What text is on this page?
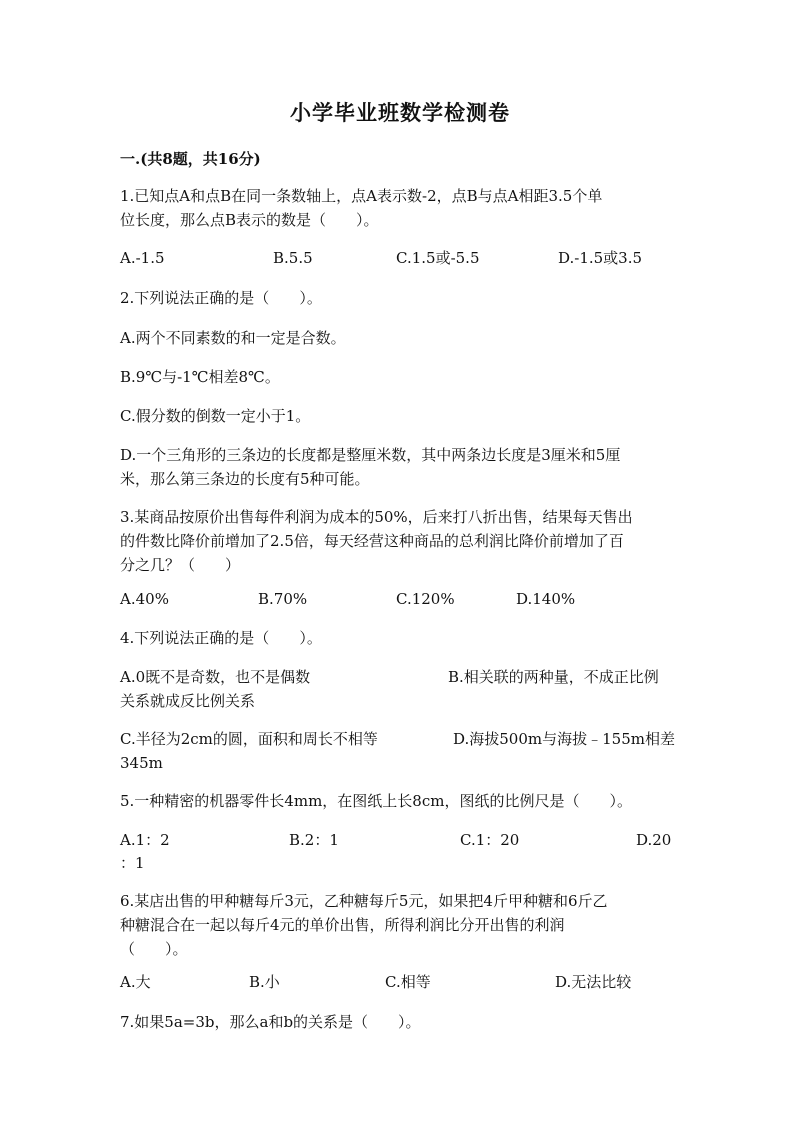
小学毕业班数学检测卷
一.(共8题，共16分)
1.已知点A和点B在同一条数轴上，点A表示数-2，点B与点A相距3.5个单
位长度，那么点B表示的数是（　　）。
A.-1.5	B.5.5	C.1.5或-5.5	D.-1.5或3.5
2.下列说法正确的是（　　）。
A.两个不同素数的和一定是合数。
B.9℃与-1℃相差8℃。
C.假分数的倒数一定小于1。
D.一个三角形的三条边的长度都是整厘米数，其中两条边长度是3厘米和5厘
米，那么第三条边的长度有5种可能。
3.某商品按原价出售每件利润为成本的50%，后来打八折出售，结果每天售出
的件数比降价前增加了2.5倍，每天经营这种商品的总利润比降价前增加了百
分之几？（　　）
A.40%	B.70%	C.120%	D.140%
4.下列说法正确的是（　　）。
A.0既不是奇数，也不是偶数	B.相关联的两种量，不成正比例
关系就成反比例关系
C.半径为2cm的圆，面积和周长不相等	D.海拔500m与海拔﹣155m相差
345m
5.一种精密的机器零件长4mm，在图纸上长8cm，图纸的比例尺是（　　）。
A.1：2	B.2：1	C.1：20	D.20
：1
6.某店出售的甲种糖每斤3元，乙种糖每斤5元，如果把4斤甲种糖和6斤乙
种糖混合在一起以每斤4元的单价出售，所得利润比分开出售的利润
（　　）。
A.大	B.小	C.相等	D.无法比较
7.如果5a=3b，那么a和b的关系是（　　）。
